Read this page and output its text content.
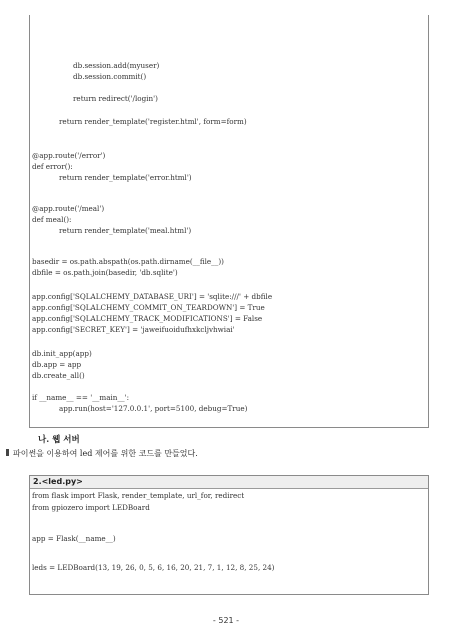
db.session.add(myuser)
db.session.commit()
return redirect('/login')
return render_template('register.html', form=form)
@app.route('/error')
def error():
return render_template('error.html')
@app.route('/meal')
def meal():
return render_template('meal.html')
basedir = os.path.abspath(os.path.dirname(__file__))
dbfile = os.path.join(basedir, 'db.sqlite')
app.config['SQLALCHEMY_DATABASE_URI'] = 'sqlite:///' + dbfile
app.config['SQLALCHEMY_COMMIT_ON_TEARDOWN'] = True
app.config['SQLALCHEMY_TRACK_MODIFICATIONS'] = False
app.config['SECRET_KEY'] = 'jaweifuoidufhxkcljvhwiai'
db.init_app(app)
db.app = app
db.create_all()
if __name__ == '__main__':
app.run(host='127.0.0.1', port=5100, debug=True)
나. 웹 서버
파이썬을 이용하여 led 제어를 위한 코드를 만들었다.
2.<led.py>
from flask import Flask, render_template, url_for, redirect
from gpiozero import LEDBoard
app = Flask(__name__)
leds = LEDBoard(13, 19, 26, 0, 5, 6, 16, 20, 21, 7, 1, 12, 8, 25, 24)
- 521 -
